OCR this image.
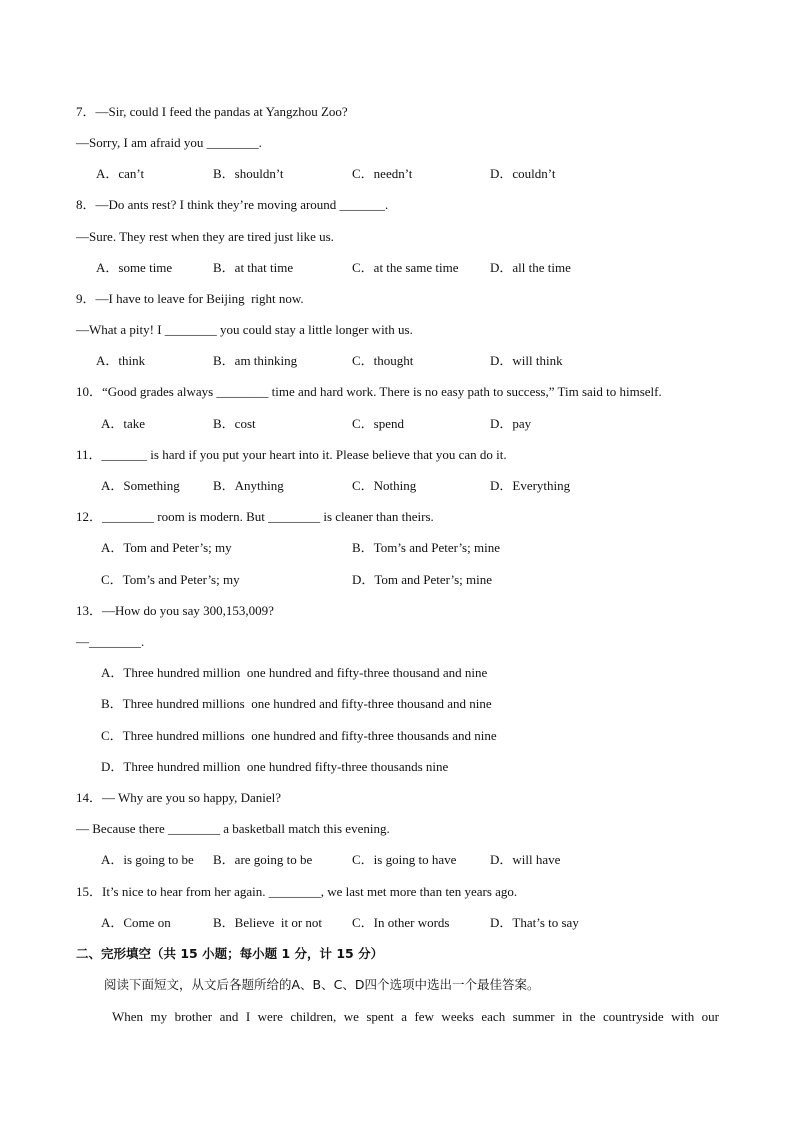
7．—Sir, could I feed the pandas at Yangzhou Zoo?
—Sorry, I am afraid you ________.
A．can’t	B．shouldn’t	C．needn’t	D．couldn’t
8．—Do ants rest? I think they’re moving around _______.
—Sure. They rest when they are tired just like us.
A．some time	B．at that time	C．at the same time D．all the time
9．—I have to leave for Beijing  right now.
—What a pity! I ________ you could stay a little longer with us.
A．think	B．am thinking	C．thought	D．will think
10．“Good grades always ________ time and hard work. There is no easy path to success,” Tim said to himself.
A．take	B．cost	C．spend	D．pay
11．_______ is hard if you put your heart into it. Please believe that you can do it.
A．Something	B．Anything	C．Nothing	D．Everything
12．________ room is modern. But ________ is cleaner than theirs.
A．Tom and Peter’s; my	B．Tom’s and Peter’s; mine
C．Tom’s and Peter’s; my	D．Tom and Peter’s; mine
13．—How do you say 300,153,009?
—________.
A．Three hundred million  one hundred and fifty-three thousand and nine
B．Three hundred millions  one hundred and fifty-three thousand and nine
C．Three hundred millions  one hundred and fifty-three thousands and nine
D．Three hundred million  one hundred fifty-three thousands nine
14．— Why are you so happy, Daniel?
— Because there ________ a basketball match this evening.
A．is going to be B．are going to be	C．is going to have	D．will have
15．It’s nice to hear from her again. ________, we last met more than ten years ago.
A．Come on	B．Believe  it or not C．In other words	D．That’s to say
二、完形填空（共 15 小题；每小题 1 分，计 15 分）
阅读下面短文，从文后各题所给的A、B、C、D四个选项中选出一个最佳答案。
When my brother and I were children, we spent a few weeks each summer in the countryside with our
